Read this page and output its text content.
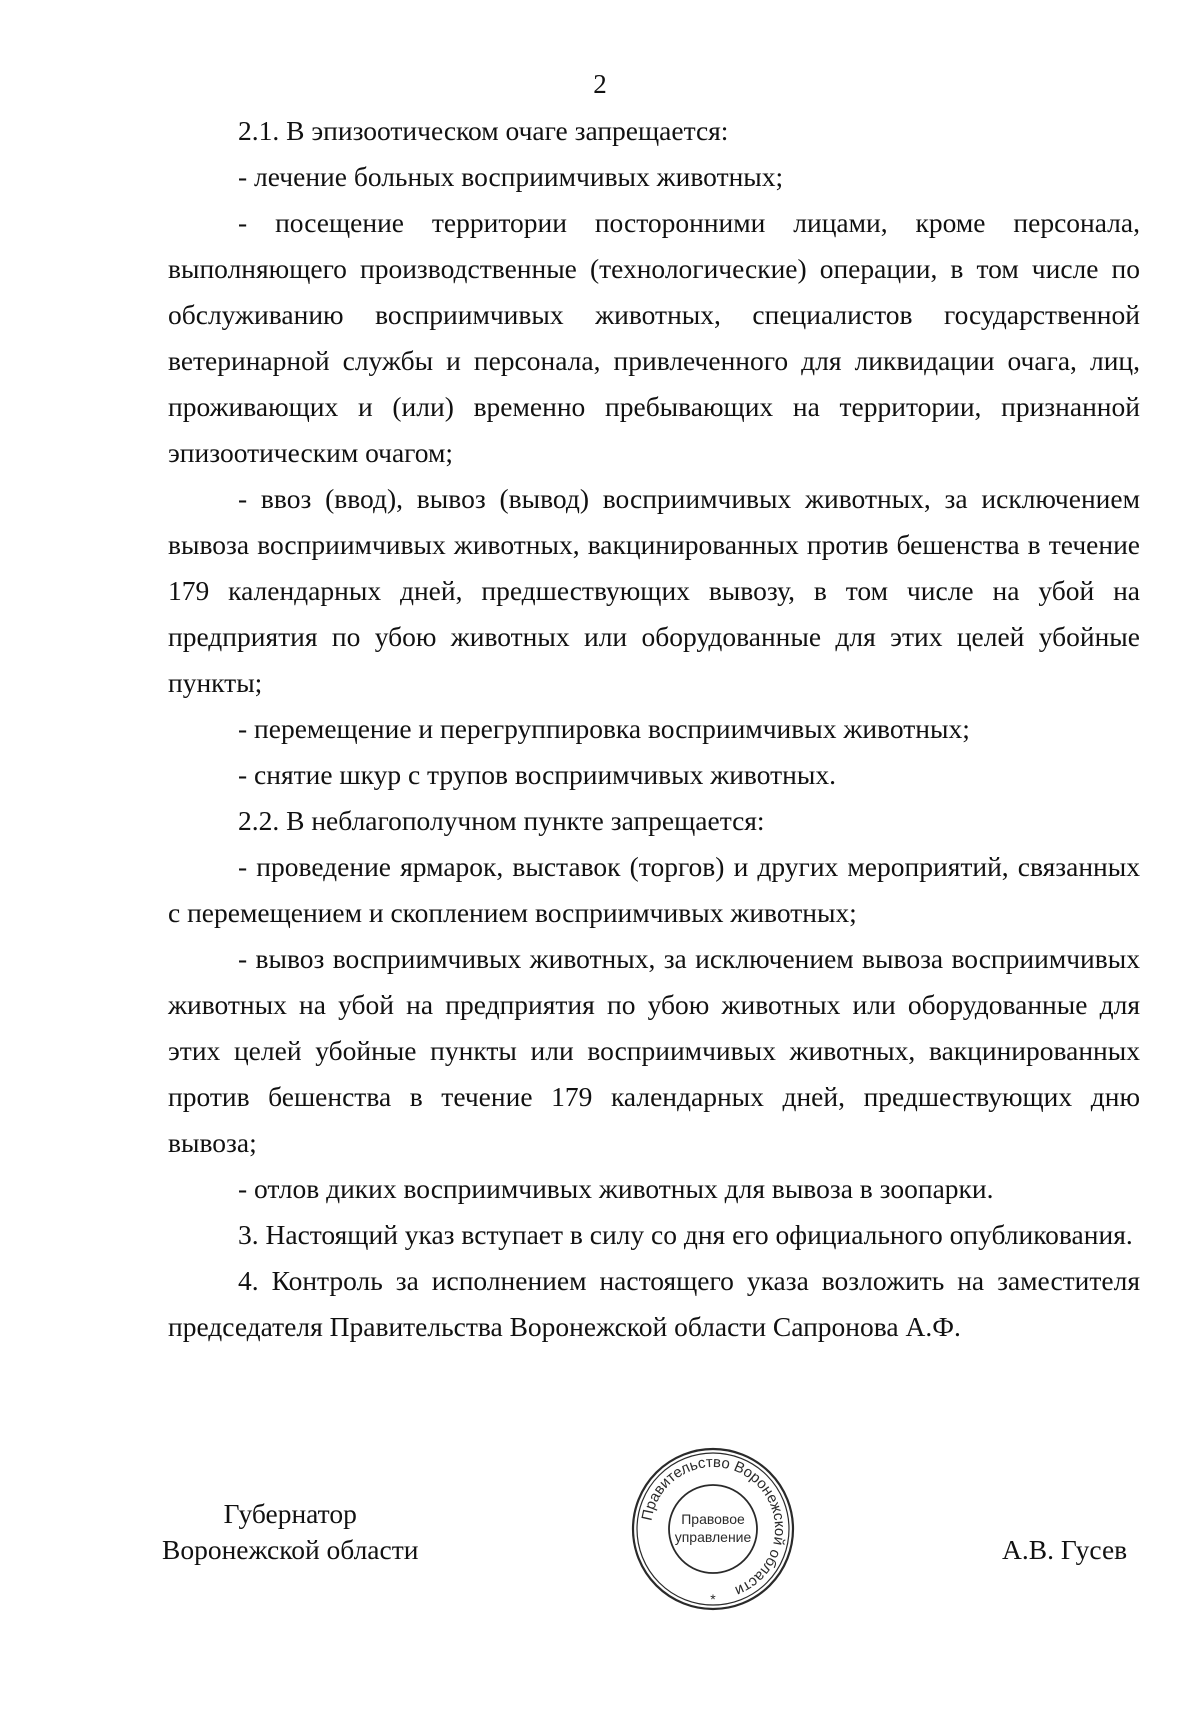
2

2.1. В эпизоотическом очаге запрещается:

- лечение больных восприимчивых животных;

- посещение территории посторонними лицами, кроме персонала, выполняющего производственные (технологические) операции, в том числе по обслуживанию восприимчивых животных, специалистов государственной ветеринарной службы и персонала, привлеченного для ликвидации очага, лиц, проживающих и (или) временно пребывающих на территории, признанной эпизоотическим очагом;

- ввоз (ввод), вывоз (вывод) восприимчивых животных, за исключением вывоза восприимчивых животных, вакцинированных против бешенства в течение 179 календарных дней, предшествующих вывозу, в том числе на убой на предприятия по убою животных или оборудованные для этих целей убойные пункты;

- перемещение и перегруппировка восприимчивых животных;

- снятие шкур с трупов восприимчивых животных.

2.2. В неблагополучном пункте запрещается:

- проведение ярмарок, выставок (торгов) и других мероприятий, связанных с перемещением и скоплением восприимчивых животных;

- вывоз восприимчивых животных, за исключением вывоза восприимчивых животных на убой на предприятия по убою животных или оборудованные для этих целей убойные пункты или восприимчивых животных, вакцинированных против бешенства в течение 179 календарных дней, предшествующих дню вывоза;

- отлов диких восприимчивых животных для вывоза в зоопарки.

3. Настоящий указ вступает в силу со дня его официального опубликования.

4. Контроль за исполнением настоящего указа возложить на заместителя председателя Правительства Воронежской области Сапронова А.Ф.

Губернатор
Воронежской области
Правительство Воронежской области
Правовое
управление
*
А.В. Гусев
